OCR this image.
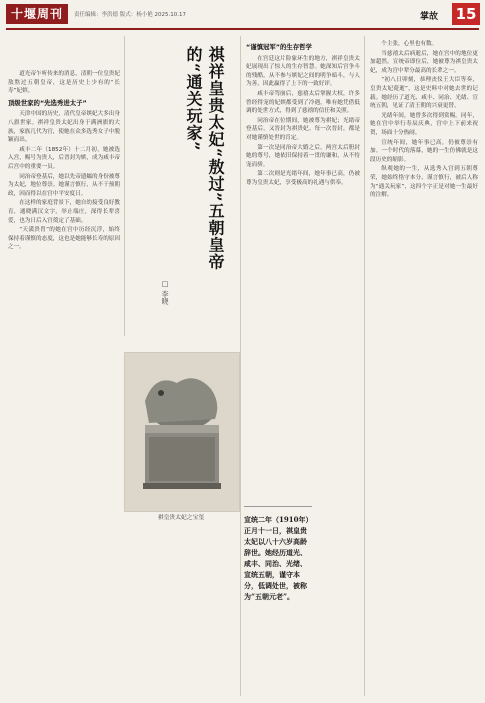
十堰周刊	责任编辑：李洪德 版式：杨小艳 2025.10.17	掌故 15

道光帝乍听传来的消息，清朝一位皇贵妃敖熬过五朝皇帝，这是历史上少有的“长寿”妃嫔。

顶级世家的“先选秀进太子”

天津中国的历史，清代皇帝嫔妃大多出身八旗世家。祺祥皇贵太妃出身于满洲旗的大族，家族几代为官，使她在众多选秀女子中脱颖而出。

咸丰二年（1852年）十二月初，她被选入宫，赐号为贵人，后晋封为嫔，成为咸丰帝后宫中的重要一员。

同治帝登基后，她以先帝遗孀的身份被尊为太妃，地位尊崇。她谨言慎行，从不干预朝政，因而得以在宫中平安度日。

在这样的家庭背景下，她自幼接受良好教育，通晓满汉文字，举止端庄，深得长辈喜爱，也为日后入宫奠定了基础。

“天潢贵胄”的她在宫中历经沉浮，始终保持着谨慎的态度，这也是她能够长寿的原因之一。	祺祥皇贵太妃“敖过”五朝皇帝的“通关玩家”
□ 李晓
祺皇贵太妃之宝玺	宣统二年（1910年）正月十一日，祺皇贵太妃以八十六岁高龄辞世。她经历道光、咸丰、同治、光绪、宣统五朝，谨守本分，低调处世，被称为“五朝元老”。
“谨慎冠军”的生存哲学

在宫廷这片险象环生的地方，祺祥皇贵太妃展现出了惊人的生存智慧。她深知后宫争斗的残酷，从不参与嫔妃之间的明争暗斗，与人为善，因此赢得了上下的一致好评。

咸丰帝驾崩后，慈禧太后掌握大权，许多曾经得宠的妃嫔都受到了冷遇，唯有她凭借低调的处世方式，得到了慈禧的信任和关照。

同治帝在位期间，她被尊为祺妃；光绪帝登基后，又晋封为祺贵妃。每一次晋封，都是对她谨慎处世的肯定。

第一次是同治帝大婚之后，两宫太后册封她的尊号，她依旧保持着一贯的谦和，从不恃宠而骄。

第二次则是光绪年间，她年事已高，仍被尊为皇贵太妃，享受极高的礼遇与供奉。

个主张，心里也有数。

当慈禧太后病逝后，她在宫中的地位更加超然。宣统帝即位后，她被尊为祺皇贵太妃，成为宫中辈分最高的长辈之一。

“初八日卯刻，恭理丧仪王大臣等奏，皇贵太妃薨逝”，这是史料中对她去世的记载。她经历了道光、咸丰、同治、光绪、宣统五朝，见证了清王朝的兴衰更替。

光绪年间，她曾多次得到赏赐。同年，她在宫中举行寿辰庆典，宫中上下前来祝贺，场面十分热闹。

宣统年间，她年事已高，仍被尊崇有加。一个时代的落幕，她的一生仿佛就是这段历史的缩影。

纵观她的一生，从选秀入宫到五朝尊荣，她始终恪守本分、谨言慎行，被后人称为“通关玩家”，这四个字正是对她一生最好的注解。
